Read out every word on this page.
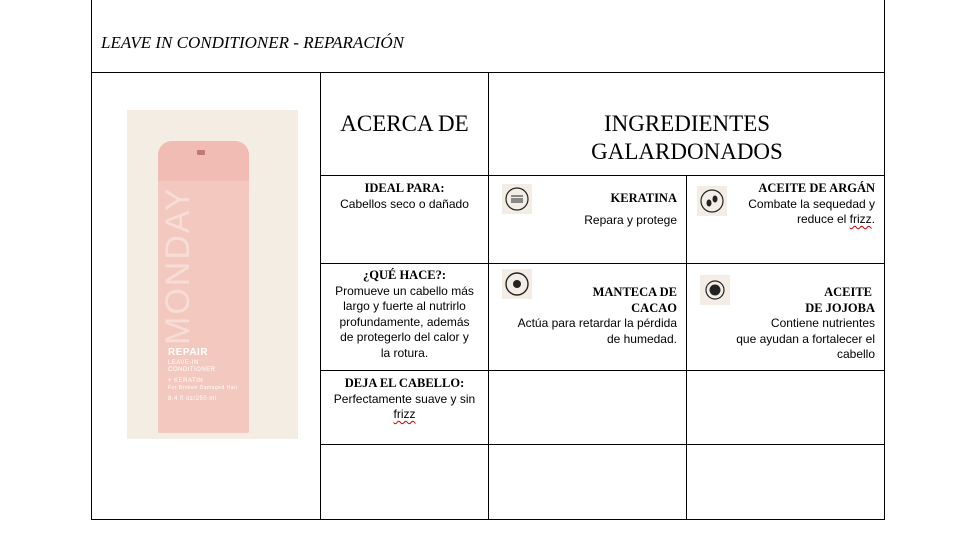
LEAVE IN CONDITIONER - REPARACIÓN
MONDAY
REPAIR
LEAVE-IN
CONDITIONER
+ KERATIN
For Broken Damaged Hair
8.4 fl oz/250 ml
ACERCA DE	INGREDIENTES
GALARDONADOS
IDEAL PARA:
Cabellos seco o dañado
¿QUÉ HACE?:
Promueve un cabello más
largo y fuerte al nutrirlo
profundamente, además
de protegerlo del calor y
la rotura.
DEJA EL CABELLO:
Perfectamente suave y sin
frizz
KERATINA
Repara y protege
ACEITE DE ARGÁN
Combate la sequedad y
reduce el frizz.
MANTECA DE
CACAO
Actúa para retardar la pérdida
de humedad.
ACEITE
DE JOJOBA
Contiene nutrientes
que ayudan a fortalecer el
cabello
